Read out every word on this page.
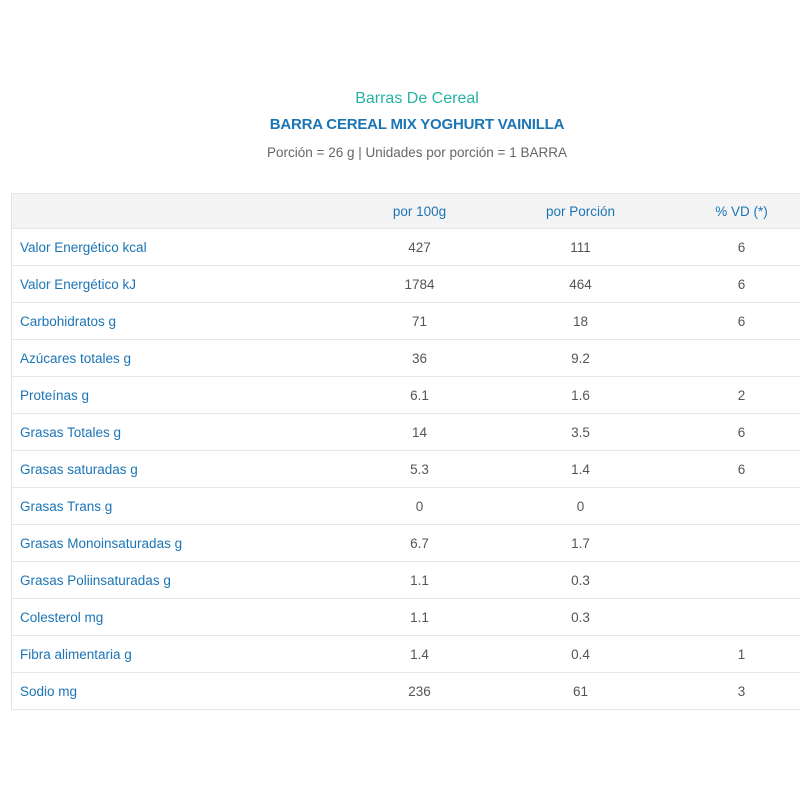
Barras De Cereal
BARRA CEREAL MIX YOGHURT VAINILLA
Porción = 26 g | Unidades por porción = 1 BARRA
por 100g	por Porción	% VD (*)
Valor Energético kcal	427	111	6
Valor Energético kJ	1784	464	6
Carbohidratos g	71	18	6
Azúcares totales g	36	9.2
Proteínas g	6.1	1.6	2
Grasas Totales g	14	3.5	6
Grasas saturadas g	5.3	1.4	6
Grasas Trans g	0	0
Grasas Monoinsaturadas g	6.7	1.7
Grasas Poliinsaturadas g	1.1	0.3
Colesterol mg	1.1	0.3
Fibra alimentaria g	1.4	0.4	1
Sodio mg	236	61	3
